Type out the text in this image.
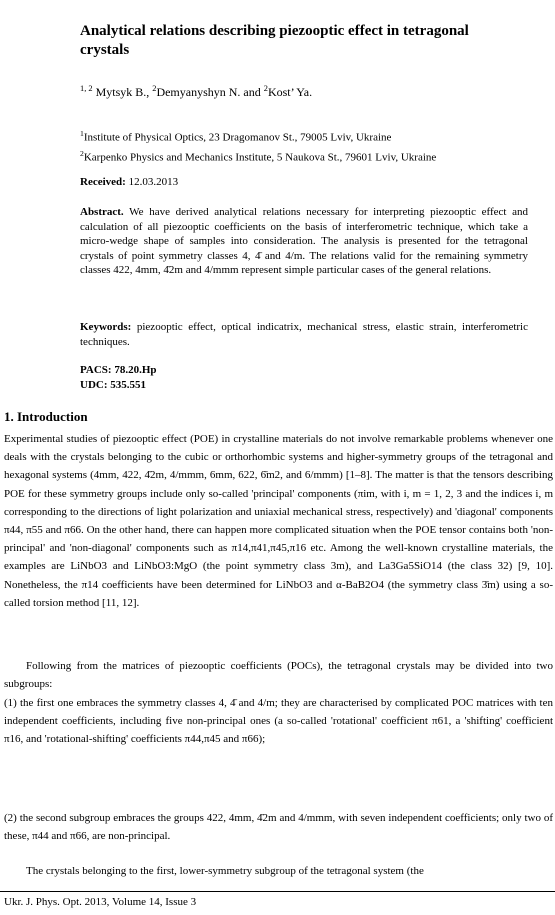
Analytical relations describing piezooptic effect in tetragonal crystals
$^{1, 2}$ Mytsyk B., $^2$Demyanyshyn N. and $^2$Kost’ Ya.
$^1$Institute of Physical Optics, 23 Dragomanov St., 79005 Lviv, Ukraine
$^2$Karpenko Physics and Mechanics Institute, 5 Naukova St., 79601 Lviv, Ukraine
Received: 12.03.2013
Abstract. We have derived analytical relations necessary for interpreting piezooptic effect and calculation of all piezooptic coefficients on the basis of interferometric technique, which take a micro-wedge shape of samples into consideration. The analysis is presented for the tetragonal crystals of point symmetry classes 4, 4̄ and 4/m. The relations valid for the remaining symmetry classes 422, 4mm, 4̄2m and 4/mmm represent simple particular cases of the general relations.
Keywords: piezooptic effect, optical indicatrix, mechanical stress, elastic strain, interferometric techniques.
PACS: 78.20.Hp
UDC: 535.551
1. Introduction
Experimental studies of piezooptic effect (POE) in crystalline materials do not involve remarkable problems whenever one deals with the crystals belonging to the cubic or orthorhombic systems and higher-symmetry groups of the tetragonal and hexagonal systems (4mm, 422, 4̄2m, 4/mmm, 6mm, 622, 6̄m2, and 6/mmm) [1–8]. The matter is that the tensors describing POE for these symmetry groups include only so-called 'principal' components (πim, with i, m = 1, 2, 3 and the indices i, m corresponding to the directions of light polarization and uniaxial mechanical stress, respectively) and 'diagonal' components π44, π55 and π66. On the other hand, there can happen more complicated situation when the POE tensor contains both 'non-principal' and 'non-diagonal' components such as π14,π41,π45,π16 etc. Among the well-known crystalline materials, the examples are LiNbO3 and LiNbO3:MgO (the point symmetry class 3m), and La3Ga5SiO14 (the class 32) [9, 10]. Nonetheless, the π14 coefficients have been determined for LiNbO3 and α-BaB2O4 (the symmetry class 3̄m) using a so-called torsion method [11, 12].
Following from the matrices of piezooptic coefficients (POCs), the tetragonal crystals may be divided into two subgroups:
(1) the first one embraces the symmetry classes 4, 4̄ and 4/m; they are characterised by complicated POC matrices with ten independent coefficients, including five non-principal ones (a so-called 'rotational' coefficient π61, a 'shifting' coefficient π16, and 'rotational-shifting' coefficients π44,π45 and π66);
(2) the second subgroup embraces the groups 422, 4mm, 4̄2m and 4/mmm, with seven independent coefficients; only two of these, π44 and π66, are non-principal.
The crystals belonging to the first, lower-symmetry subgroup of the tetragonal system (the
Ukr. J. Phys. Opt. 2013, Volume 14, Issue 3
